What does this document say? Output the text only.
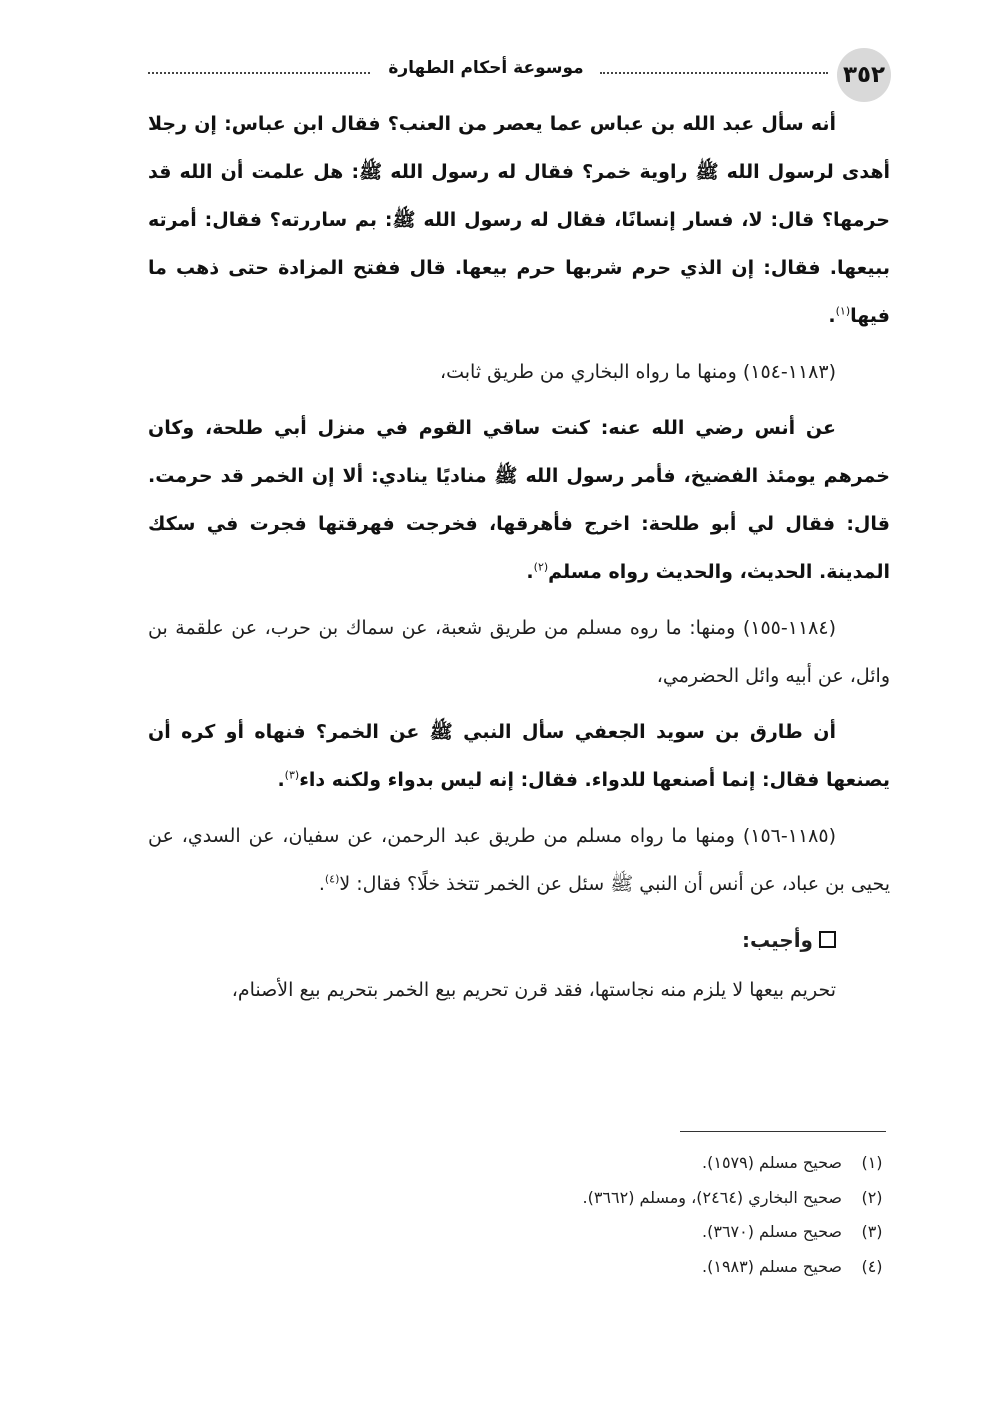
٣٥٢
موسوعة أحكام الطهارة

أنه سأل عبد الله بن عباس عما يعصر من العنب؟ فقال ابن عباس: إن رجلا أهدى لرسول الله ﷺ راوية خمر؟ فقال له رسول الله ﷺ: هل علمت أن الله قد حرمها؟ قال: لا، فسار إنسانًا، فقال له رسول الله ﷺ: بم ساررته؟ فقال: أمرته ببيعها. فقال: إن الذي حرم شربها حرم بيعها. قال ففتح المزادة حتى ذهب ما فيها$^{(١)}$.

(١١٨٣-١٥٤) ومنها ما رواه البخاري من طريق ثابت،

عن أنس رضي الله عنه: كنت ساقي القوم في منزل أبي طلحة، وكان خمرهم يومئذ الفضيخ، فأمر رسول الله ﷺ مناديًا ينادي: ألا إن الخمر قد حرمت. قال: فقال لي أبو طلحة: اخرج فأهرقها، فخرجت فهرقتها فجرت في سكك المدينة. الحديث، والحديث رواه مسلم$^{(٢)}$.

(١١٨٤-١٥٥) ومنها: ما روه مسلم من طريق شعبة، عن سماك بن حرب، عن علقمة بن وائل، عن أبيه وائل الحضرمي،

أن طارق بن سويد الجعفي سأل النبي ﷺ عن الخمر؟ فنهاه أو كره أن يصنعها فقال: إنما أصنعها للدواء. فقال: إنه ليس بدواء ولكنه داء$^{(٣)}$.

(١١٨٥-١٥٦) ومنها ما رواه مسلم من طريق عبد الرحمن، عن سفيان، عن السدي، عن يحيى بن عباد، عن أنس أن النبي ﷺ سئل عن الخمر تتخذ خلًا؟ فقال: لا$^{(٤)}$.

وأجيب:

تحريم بيعها لا يلزم منه نجاستها، فقد قرن تحريم بيع الخمر بتحريم بيع الأصنام،

(١)
صحيح مسلم (١٥٧٩).
(٢)
صحيح البخاري (٢٤٦٤)، ومسلم (٣٦٦٢).
(٣)
صحيح مسلم (٣٦٧٠).
(٤)
صحيح مسلم (١٩٨٣).
